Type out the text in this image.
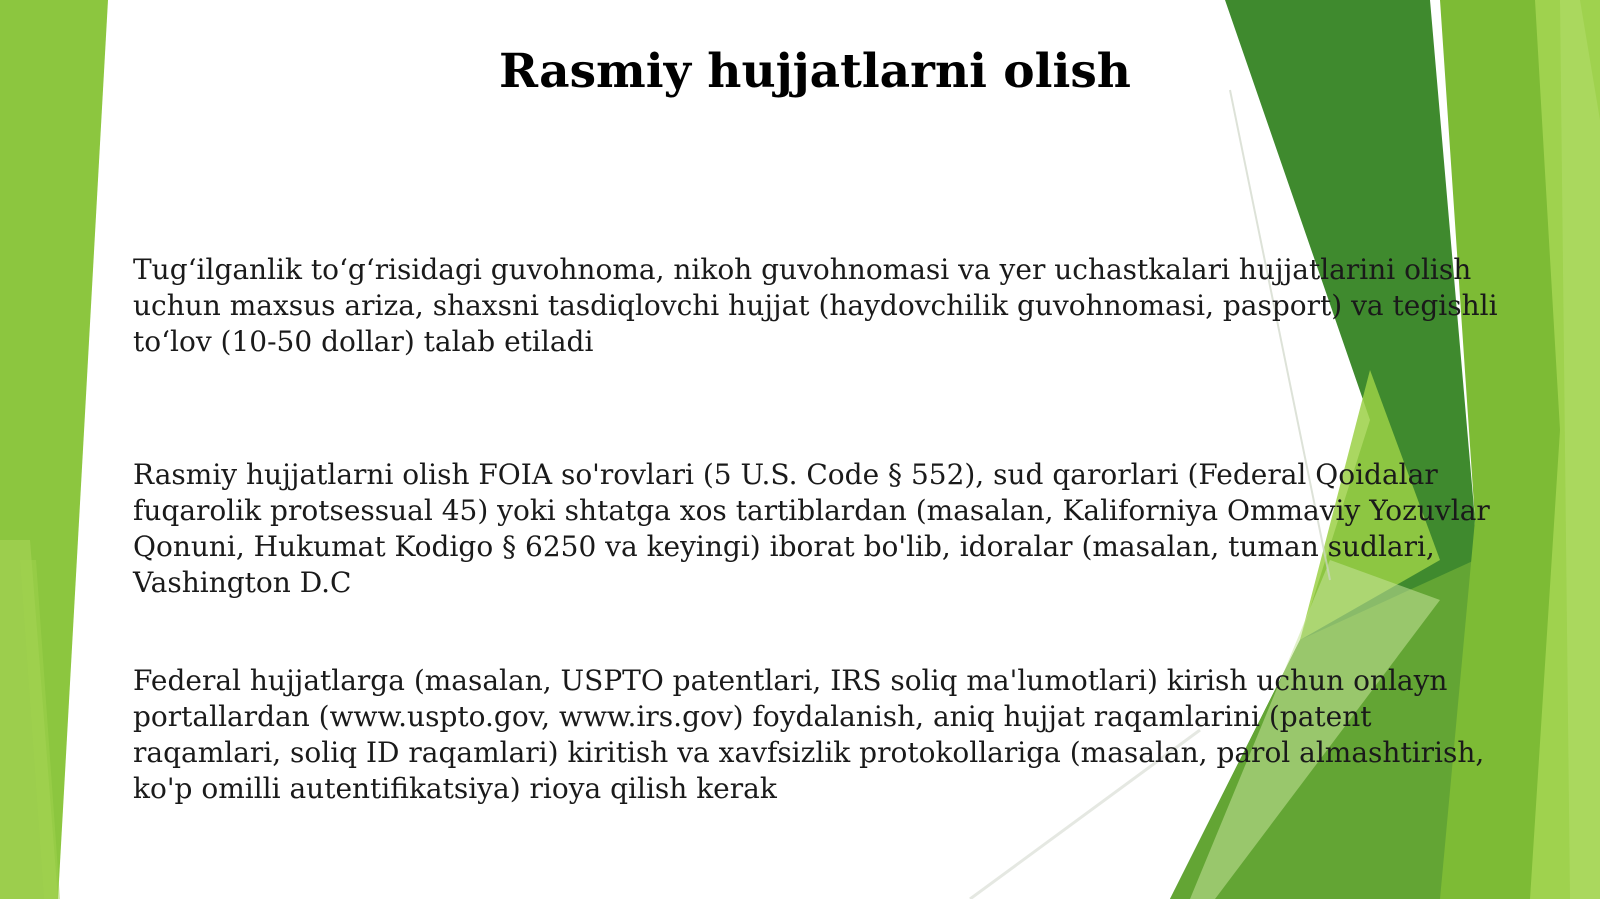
Rasmiy hujjatlarni olish

Tug‘ilganlik to‘g‘risidagi guvohnoma, nikoh guvohnomasi va yer uchastkalari hujjatlarini olish uchun maxsus ariza, shaxsni tasdiqlovchi hujjat (haydovchilik guvohnomasi, pasport) va tegishli to‘lov (10-50 dollar) talab etiladi

Rasmiy hujjatlarni olish FOIA so'rovlari (5 U.S. Code § 552), sud qarorlari (Federal Qoidalar fuqarolik protsessual 45) yoki shtatga xos tartiblardan (masalan, Kaliforniya Ommaviy Yozuvlar Qonuni, Hukumat Kodigo § 6250 va keyingi) iborat bo'lib, idoralar (masalan, tuman sudlari, Vashington D.C

Federal hujjatlarga (masalan, USPTO patentlari, IRS soliq ma'lumotlari) kirish uchun onlayn portallardan (www.uspto.gov, www.irs.gov) foydalanish, aniq hujjat raqamlarini (patent raqamlari, soliq ID raqamlari) kiritish va xavfsizlik protokollariga (masalan, parol almashtirish, ko'p omilli autentifikatsiya) rioya qilish kerak
